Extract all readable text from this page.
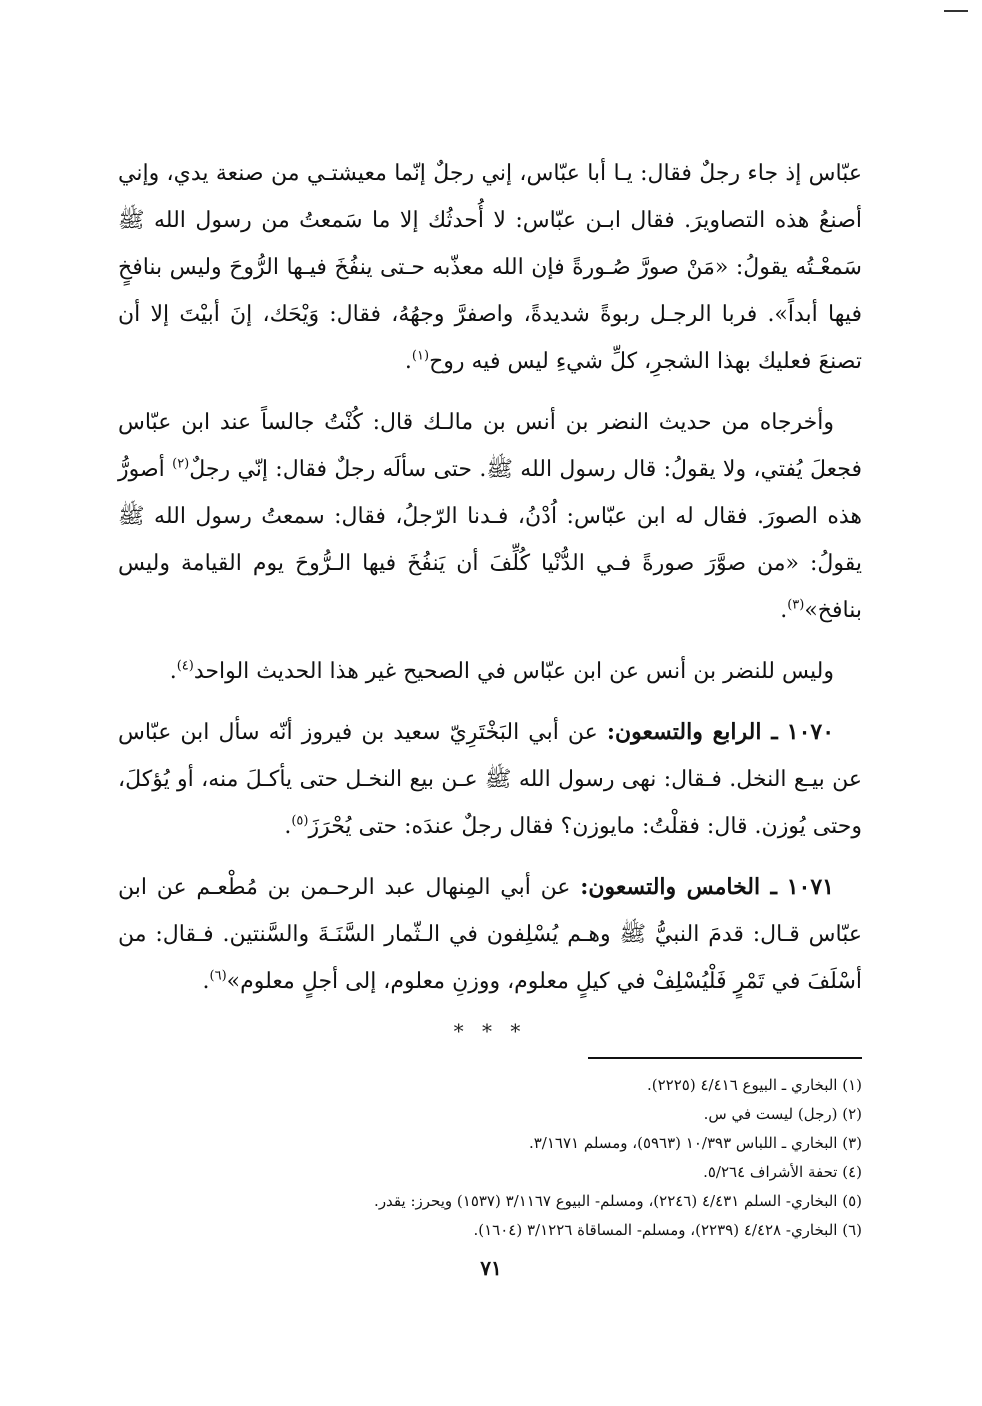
عبّاس إذ جاء رجلٌ فقال: يـا أبا عبّاس، إني رجلٌ إنّما معيشتـي من صنعة يدي، وإني أصنعُ هذه التصاويرَ. فقال ابـن عبّاس: لا أُحدثُك إلا ما سَمعتُ من رسول الله ﷺ سَمعْـتُه يقولُ: «مَنْ صورَّ صُـورةً فإن الله معذّبه حـتى ينفُخَ فيـها الرُّوحَ وليس بنافخٍ فيها أبداً». فربا الرجـل ربوةً شديدةً، واصفرَّ وجهُهُ، فقال: وَيْحَك، إنَ أبيْتَ إلا أن تصنعَ فعليك بهذا الشجرِ، كلِّ شيءِ ليس فيه روح$^{(١)}$.

وأخرجاه من حديث النضر بن أنس بن مالـك قال: كُنْتُ جالساً عند ابن عبّاس فجعلَ يُفتي، ولا يقولُ: قال رسول الله ﷺ. حتى سألَه رجلٌ فقال: إنّي رجلٌ$^{(٢)}$ أصورُّ هذه الصورَ. فقال له ابن عبّاس: اُدْنُ، فـدنا الرّجلُ، فقال: سمعتُ رسول الله ﷺ يقولُ: «من صوَّرَ صورةً فـي الدُّنْيا كُلِّفَ أن يَنفُخَ فيها الـرُّوحَ يوم القيامة وليس بنافخ»$^{(٣)}$.

وليس للنضر بن أنس عن ابن عبّاس في الصحيح غير هذا الحديث الواحد$^{(٤)}$.

١٠٧٠ ـ الرابع والتسعون: عن أبي البَخْتَرِيّ سعيد بن فيروز أنّه سأل ابن عبّاس عن بيـع النخل. فـقال: نهى رسول الله ﷺ عـن بيع النخـل حتى يأكـلَ منه، أو يُؤكلَ، وحتى يُوزن. قال: فقلْتُ: مايوزن؟ فقال رجلٌ عندَه: حتى يُحْرَزَ$^{(٥)}$.

١٠٧١ ـ الخامس والتسعون: عن أبي المِنهال عبد الرحـمن بن مُطْعـم عن ابن عبّاس قـال: قدمَ النبيُّ ﷺ وهـم يُسْلِفون في الـثّمار السَّنَـةَ والسَّنتين. فـقال: من أسْلَفَ في تَمْرٍ فَلْيُسْلِفْ في كيلٍ معلوم، ووزنِ معلوم، إلى أجلٍ معلوم»$^{(٦)}$.

* * *

(١) البخاري ـ البيوع ٤/٤١٦ (٢٢٢٥).

(٢) (رجل) ليست في س.

(٣) البخاري ـ اللباس ١٠/٣٩٣ (٥٩٦٣)، ومسلم ٣/١٦٧١.

(٤) تحفة الأشراف ٥/٢٦٤.

(٥) البخاري- السلم ٤/٤٣١ (٢٢٤٦)، ومسلم- البيوع ٣/١١٦٧ (١٥٣٧) ويحرز: يقدر.

(٦) البخاري- ٤/٤٢٨ (٢٢٣٩)، ومسلم- المساقاة ٣/١٢٢٦ (١٦٠٤).

٧١
